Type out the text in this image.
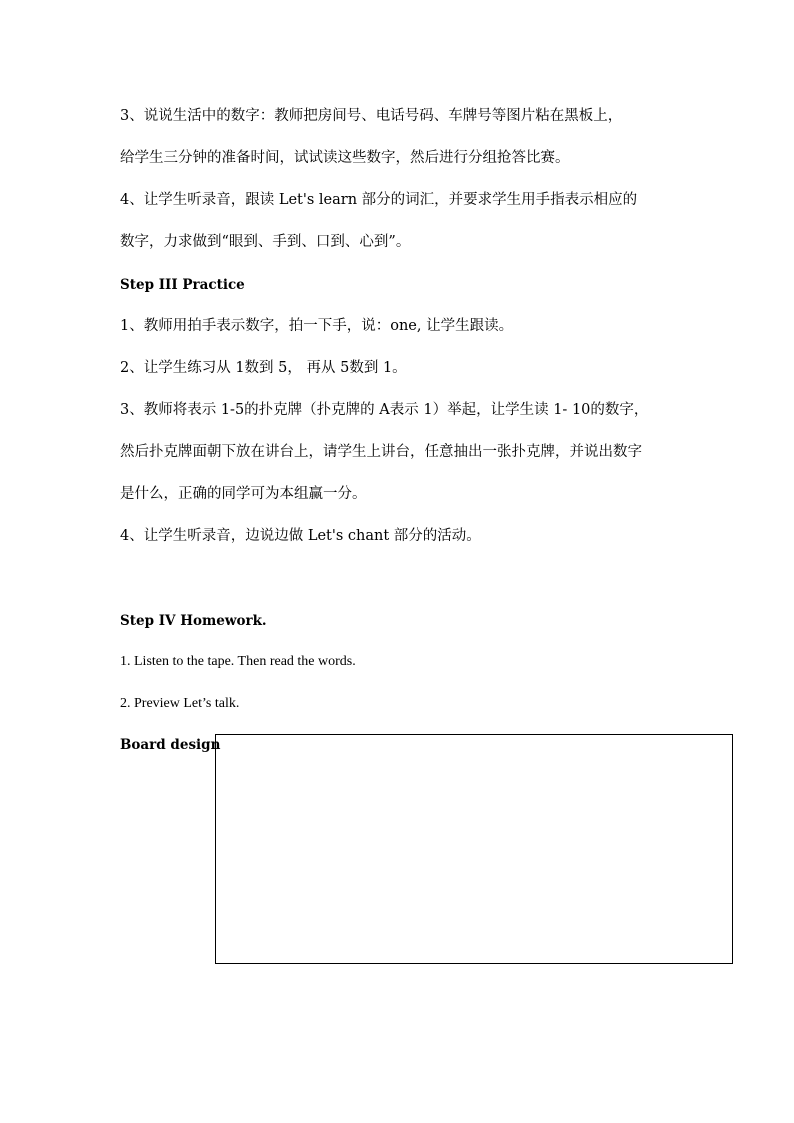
3、说说生活中的数字：教师把房间号、电话号码、车牌号等图片粘在黑板上，
给学生三分钟的准备时间，试试读这些数字，然后进行分组抢答比赛。
4、让学生听录音，跟读 Let's learn 部分的词汇，并要求学生用手指表示相应的
数字，力求做到“眼到、手到、口到、心到”。
Step III Practice
1、教师用拍手表示数字，拍一下手，说：one, 让学生跟读。
2、让学生练习从 1数到 5， 再从 5数到 1。
3、教师将表示 1-5的扑克牌（扑克牌的 A表示 1）举起，让学生读 1- 10的数字，
然后扑克牌面朝下放在讲台上，请学生上讲台，任意抽出一张扑克牌，并说出数字
是什么，正确的同学可为本组赢一分。
4、让学生听录音，边说边做 Let's chant 部分的活动。
Step IV Homework.
1. Listen to the tape. Then read the words.
2. Preview Let’s talk.
Board design
